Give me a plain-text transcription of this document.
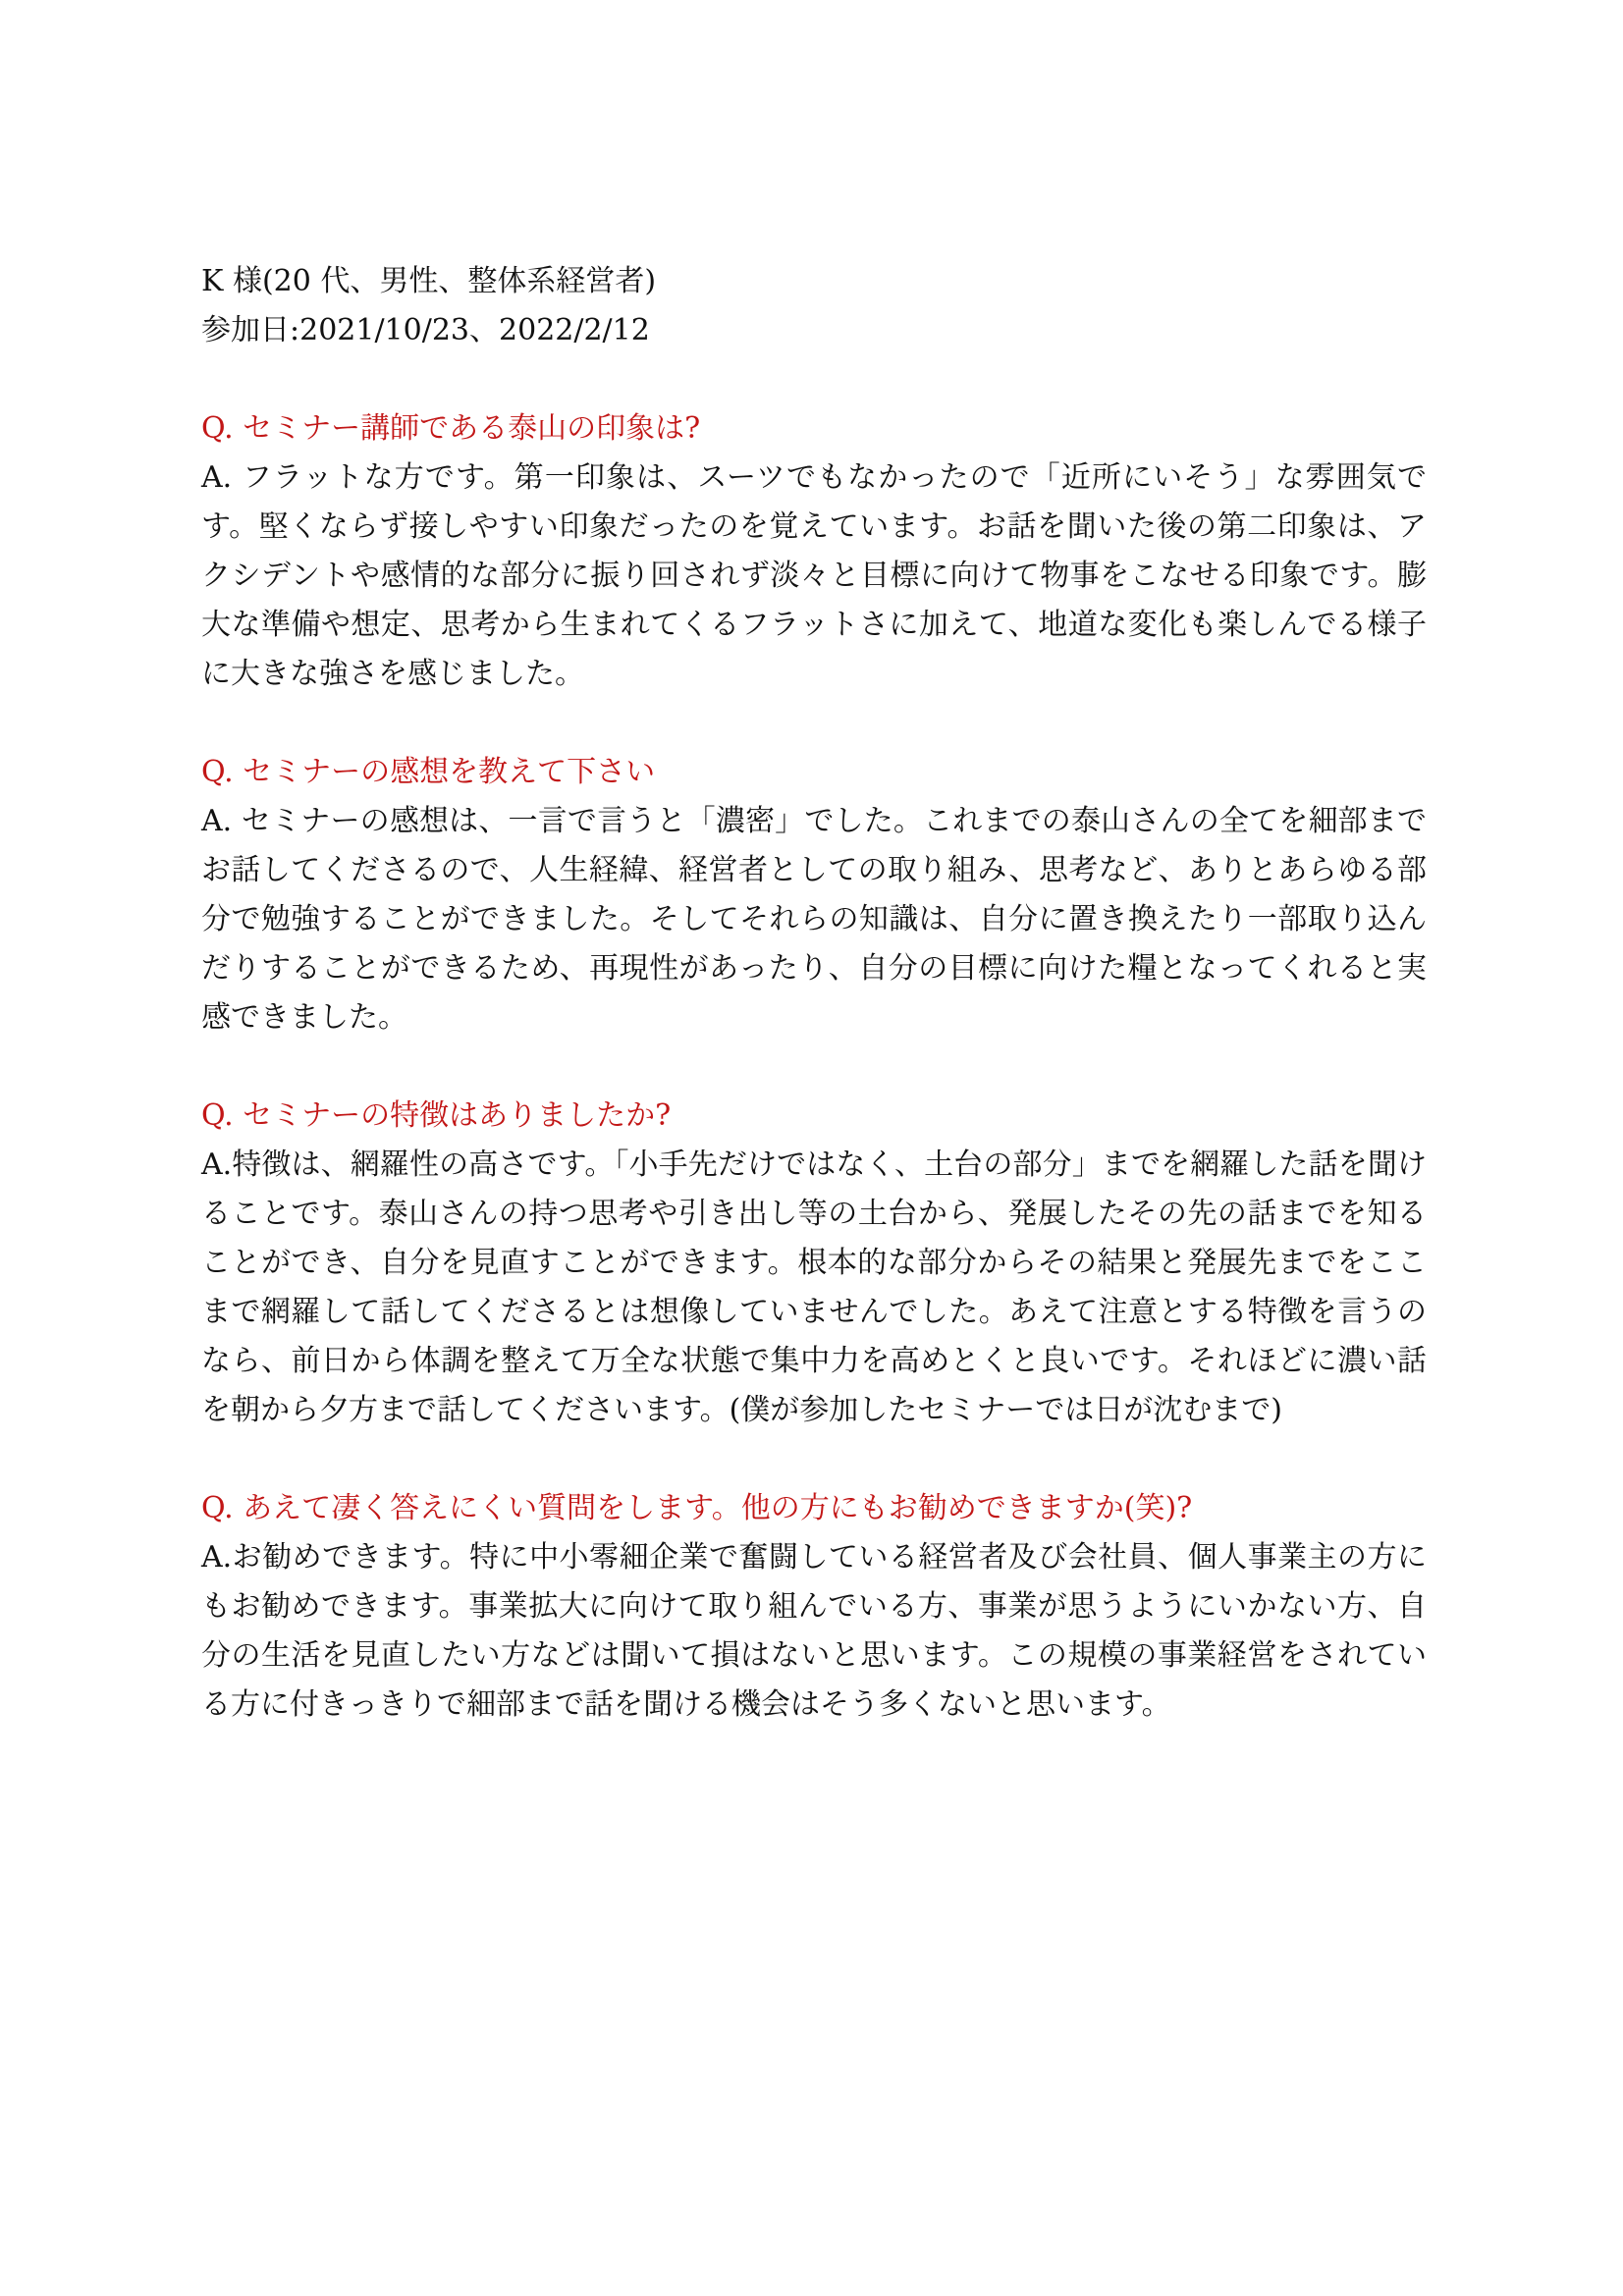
K 様(20 代、男性、整体系経営者)
参加日:2021/10/23、2022/2/12

Q. セミナー講師である泰山の印象は?

A. フラットな方です。第一印象は、スーツでもなかったので「近所にいそう」な雰囲気です。堅くならず接しやすい印象だったのを覚えています。お話を聞いた後の第二印象は、アクシデントや感情的な部分に振り回されず淡々と目標に向けて物事をこなせる印象です。膨大な準備や想定、思考から生まれてくるフラットさに加えて、地道な変化も楽しんでる様子に大きな強さを感じました。

Q. セミナーの感想を教えて下さい

A. セミナーの感想は、一言で言うと「濃密」でした。これまでの泰山さんの全てを細部までお話してくださるので、人生経緯、経営者としての取り組み、思考など、ありとあらゆる部分で勉強することができました。そしてそれらの知識は、自分に置き換えたり一部取り込んだりすることができるため、再現性があったり、自分の目標に向けた糧となってくれると実感できました。

Q. セミナーの特徴はありましたか?

A.特徴は、網羅性の高さです。「小手先だけではなく、土台の部分」までを網羅した話を聞けることです。泰山さんの持つ思考や引き出し等の土台から、発展したその先の話までを知ることができ、自分を見直すことができます。根本的な部分からその結果と発展先までをここまで網羅して話してくださるとは想像していませんでした。あえて注意とする特徴を言うのなら、前日から体調を整えて万全な状態で集中力を高めとくと良いです。それほどに濃い話を朝から夕方まで話してくださいます。(僕が参加したセミナーでは日が沈むまで)

Q. あえて凄く答えにくい質問をします。他の方にもお勧めできますか(笑)?

A.お勧めできます。特に中小零細企業で奮闘している経営者及び会社員、個人事業主の方にもお勧めできます。事業拡大に向けて取り組んでいる方、事業が思うようにいかない方、自分の生活を見直したい方などは聞いて損はないと思います。この規模の事業経営をされている方に付きっきりで細部まで話を聞ける機会はそう多くないと思います。
